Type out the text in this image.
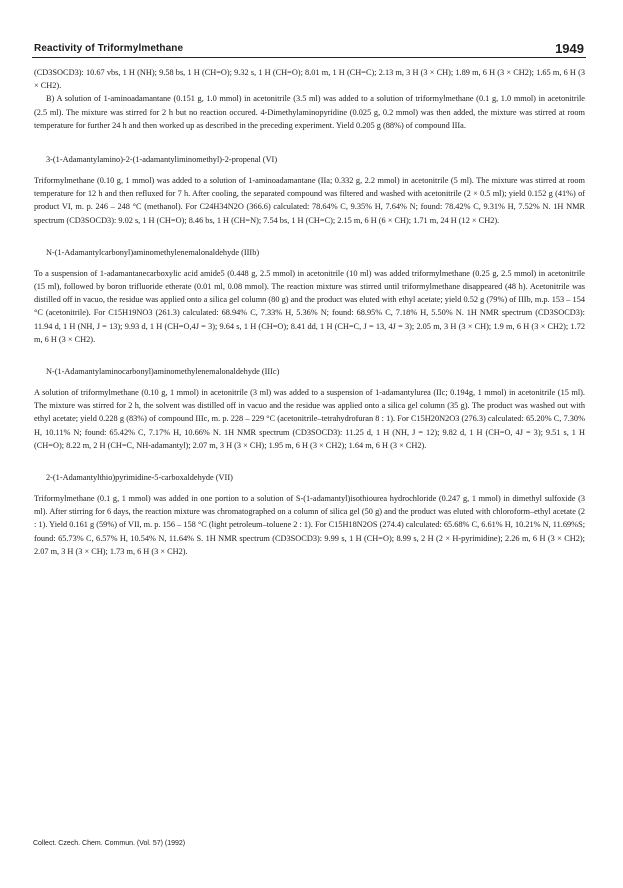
Reactivity of Triformylmethane	1949

(CD3SOCD3): 10.67 vbs, 1 H (NH); 9.58 bs, 1 H (CH=O); 9.32 s, 1 H (CH=O); 8.01 m, 1 H (CH=C); 2.13 m, 3 H (3 × CH); 1.89 m, 6 H (3 × CH2); 1.65 m, 6 H (3 × CH2).

B) A solution of 1-aminoadamantane (0.151 g, 1.0 mmol) in acetonitrile (3.5 ml) was added to a solution of triformylmethane (0.1 g, 1.0 mmol) in acetonitrile (2.5 ml). The mixture was stirred for 2 h but no reaction occured. 4-Dimethylaminopyridine (0.025 g, 0.2 mmol) was then added, the mixture was stirred at room temperature for further 24 h and then worked up as described in the preceding experiment. Yield 0.205 g (88%) of compound IIIa.

3-(1-Adamantylamino)-2-(1-adamantyliminomethyl)-2-propenal (VI)

Triformylmethane (0.10 g, 1 mmol) was added to a solution of 1-aminoadamantane (IIa; 0.332 g, 2.2 mmol) in acetonitrile (5 ml). The mixture was stirred at room temperature for 12 h and then refluxed for 7 h. After cooling, the separated compound was filtered and washed with acetonitrile (2 × 0.5 ml); yield 0.152 g (41%) of product VI, m. p. 246 – 248 °C (methanol). For C24H34N2O (366.6) calculated: 78.64% C, 9.35% H, 7.64% N; found: 78.42% C, 9.31% H, 7.52% N. 1H NMR spectrum (CD3SOCD3): 9.02 s, 1 H (CH=O); 8.46 bs, 1 H (CH=N); 7.54 bs, 1 H (CH=C); 2.15 m, 6 H (6 × CH); 1.71 m, 24 H (12 × CH2).

N-(1-Adamantylcarbonyl)aminomethylenemalonaldehyde (IIIb)

To a suspension of 1-adamantanecarboxylic acid amide5 (0.448 g, 2.5 mmol) in acetonitrile (10 ml) was added triformylmethane (0.25 g, 2.5 mmol) in acetonitrile (15 ml), followed by boron trifluoride etherate (0.01 ml, 0.08 mmol). The reaction mixture was stirred until triformylmethane disappeared (48 h). Acetonitrile was distilled off in vacuo, the residue was applied onto a silica gel column (80 g) and the product was eluted with ethyl acetate; yield 0.52 g (79%) of IIIb, m.p. 153 – 154 °C (acetonitrile). For C15H19NO3 (261.3) calculated: 68.94% C, 7.33% H, 5.36% N; found: 68.95% C, 7.18% H, 5.50% N. 1H NMR spectrum (CD3SOCD3): 11.94 d, 1 H (NH, J = 13); 9.93 d, 1 H (CH=O,4J = 3); 9.64 s, 1 H (CH=O); 8.41 dd, 1 H (CH=C, J = 13, 4J = 3); 2.05 m, 3 H (3 × CH); 1.9 m, 6 H (3 × CH2); 1.72 m, 6 H (3 × CH2).

N-(1-Adamantylaminocarbonyl)aminomethylenemalonaldehyde (IIIc)

A solution of triformylmethane (0.10 g, 1 mmol) in acetonitrile (3 ml) was added to a suspension of 1-adamantylurea (IIc; 0.194g, 1 mmol) in acetonitrile (15 ml). The mixture was stirred for 2 h, the solvent was distilled off in vacuo and the residue was applied onto a silica gel column (35 g). The product was washed out with ethyl acetate; yield 0.228 g (83%) of compound IIIc, m. p. 228 – 229 °C (acetonitrile–tetrahydrofuran 8 : 1). For C15H20N2O3 (276.3) calculated: 65.20% C, 7.30% H, 10.11% N; found: 65.42% C, 7.17% H, 10.66% N. 1H NMR spectrum (CD3SOCD3): 11.25 d, 1 H (NH, J = 12); 9.82 d, 1 H (CH=O, 4J = 3); 9.51 s, 1 H (CH=O); 8.22 m, 2 H (CH=C, NH-adamantyl); 2.07 m, 3 H (3 × CH); 1.95 m, 6 H (3 × CH2); 1.64 m, 6 H (3 × CH2).

2-(1-Adamantylthio)pyrimidine-5-carboxaldehyde (VII)

Triformylmethane (0.1 g, 1 mmol) was added in one portion to a solution of S-(1-adamantyl)isothiourea hydrochloride (0.247 g, 1 mmol) in dimethyl sulfoxide (3 ml). After stirring for 6 days, the reaction mixture was chromatographed on a column of silica gel (50 g) and the product was eluted with chloroform–ethyl acetate (2 : 1). Yield 0.161 g (59%) of VII, m. p. 156 – 158 °C (light petroleum–toluene 2 : 1). For C15H18N2OS (274.4) calculated: 65.68% C, 6.61% H, 10.21% N, 11.69%S; found: 65.73% C, 6.57% H, 10.54% N, 11.64% S. 1H NMR spectrum (CD3SOCD3): 9.99 s, 1 H (CH=O); 8.99 s, 2 H (2 × H-pyrimidine); 2.26 m, 6 H (3 × CH2); 2.07 m, 3 H (3 × CH); 1.73 m, 6 H (3 × CH2).

Collect. Czech. Chem. Commun. (Vol. 57) (1992)
